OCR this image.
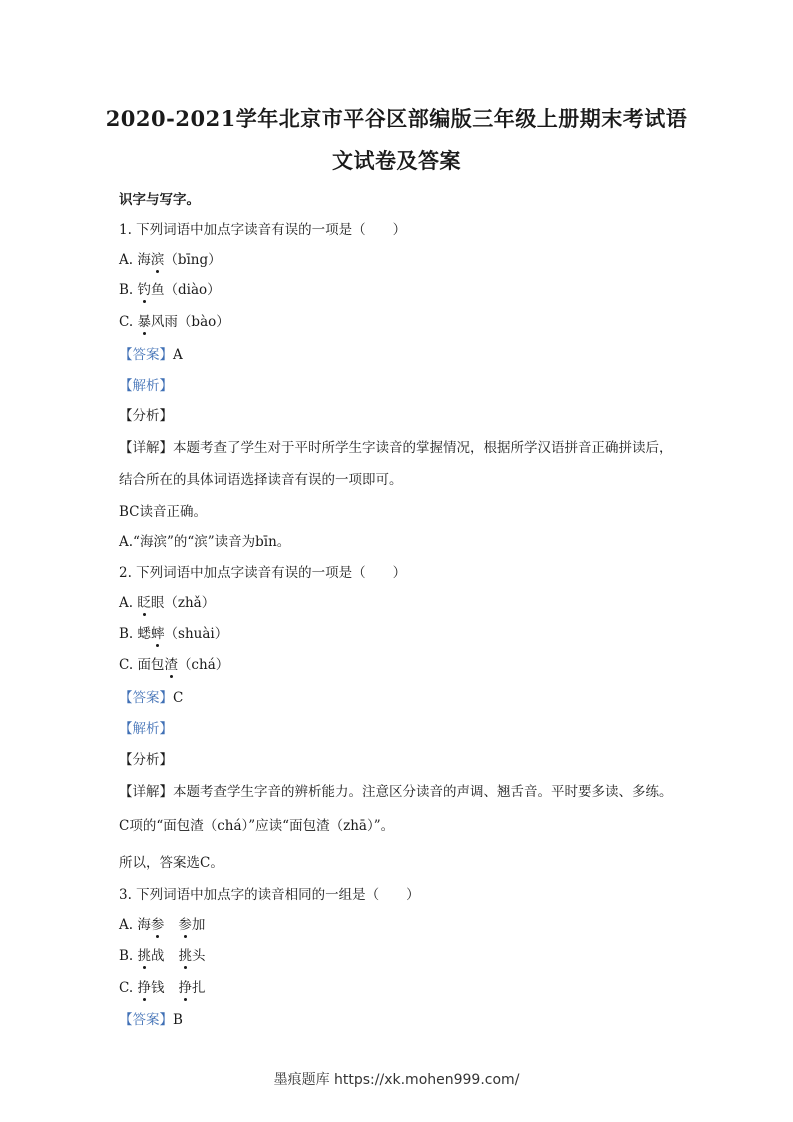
2020-2021学年北京市平谷区部编版三年级上册期末考试语
文试卷及答案
识字与写字。
1. 下列词语中加点字读音有误的一项是（　　）
A. 海滨（bīng）
B. 钓鱼（diào）
C. 暴风雨（bào）
【答案】A
【解析】
【分析】
【详解】本题考查了学生对于平时所学生字读音的掌握情况，根据所学汉语拼音正确拼读后，
结合所在的具体词语选择读音有误的一项即可。
BC读音正确。
A.“海滨”的“滨”读音为bīn。
2. 下列词语中加点字读音有误的一项是（　　）
A. 眨眼（zhǎ）
B. 蟋蟀（shuài）
C. 面包渣（chá）
【答案】C
【解析】
【分析】
【详解】本题考查学生字音的辨析能力。注意区分读音的声调、翘舌音。平时要多读、多练。
C项的“面包渣（chá）”应读“面包渣（zhā）”。
所以，答案选C。
3. 下列词语中加点字的读音相同的一组是（　　）
A. 海参 参加
B. 挑战 挑头
C. 挣钱 挣扎
【答案】B
墨痕题库 https://xk.mohen999.com/
